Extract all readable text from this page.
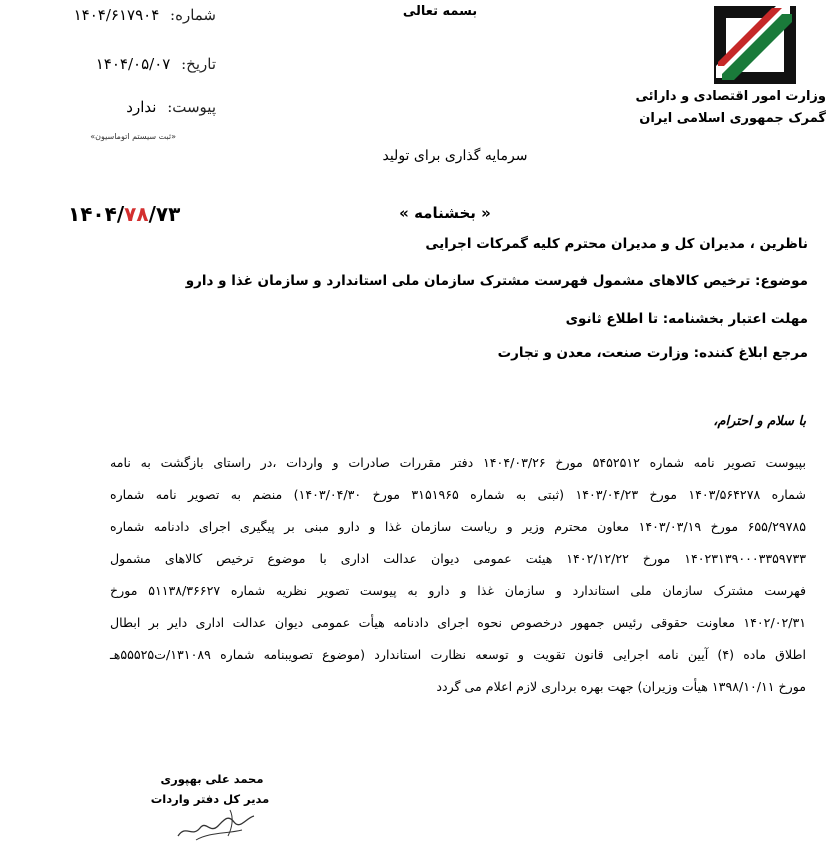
وزارت امور اقتصادی و دارائی
گمرک جمهوری اسلامی ایران
بسمه تعالی
شماره: ۱۴۰۴/۶۱۷۹۰۴
تاریخ: ۱۴۰۴/۰۵/۰۷
پیوست: ندارد
«ثبت سیستم اتوماسیون»
سرمایه گذاری برای تولید
۱۴۰۴/۷۸/۷۳	« بخشنامه »
ناظرین ، مدیران کل و مدیران محترم کلیه گمرکات اجرایی
موضوع: ترخیص کالاهای مشمول فهرست مشترک سازمان ملی استاندارد و سازمان غذا و دارو
مهلت اعتبار بخشنامه: تا اطلاع ثانوی
مرجع ابلاغ کننده: وزارت صنعت، معدن و تجارت
با سلام و احترام،
بپیوست تصویر نامه شماره ۵۴۵۲۵۱۲ مورخ ۱۴۰۴/۰۳/۲۶ دفتر مقررات صادرات و واردات ،در راستای بازگشت به نامه
شماره ۱۴۰۳/۵۶۴۲۷۸ مورخ ۱۴۰۳/۰۴/۲۳ (ثبتی به شماره ۳۱۵۱۹۶۵ مورخ ۱۴۰۳/۰۴/۳۰) منضم به تصویر نامه شماره
۶۵۵/۲۹۷۸۵ مورخ ۱۴۰۳/۰۳/۱۹ معاون محترم وزیر و ریاست سازمان غذا و دارو مبنی بر پیگیری اجرای دادنامه شماره
۱۴۰۲۳۱۳۹۰۰۰۳۳۵۹۷۳۳ مورخ ۱۴۰۲/۱۲/۲۲ هیئت عمومی دیوان عدالت اداری با موضوع ترخیص کالاهای مشمول
فهرست مشترک سازمان ملی استاندارد و سازمان غذا و دارو به پیوست تصویر نظریه شماره ۵۱۱۳۸/۳۶۶۲۷ مورخ
۱۴۰۲/۰۲/۳۱ معاونت حقوقی رئیس جمهور درخصوص نحوه اجرای دادنامه هیأت عمومی دیوان عدالت اداری دایر بر ابطال
اطلاق ماده (۴) آیین نامه اجرایی قانون تقویت و توسعه نظارت استاندارد (موضوع تصویبنامه شماره ۱۳۱۰۸۹/ت۵۵۵۲۵هـ
مورخ ۱۳۹۸/۱۰/۱۱ هیأت وزیران) جهت بهره برداری لازم اعلام می گردد
محمد علی بهپوری
مدیر کل دفتر واردات
